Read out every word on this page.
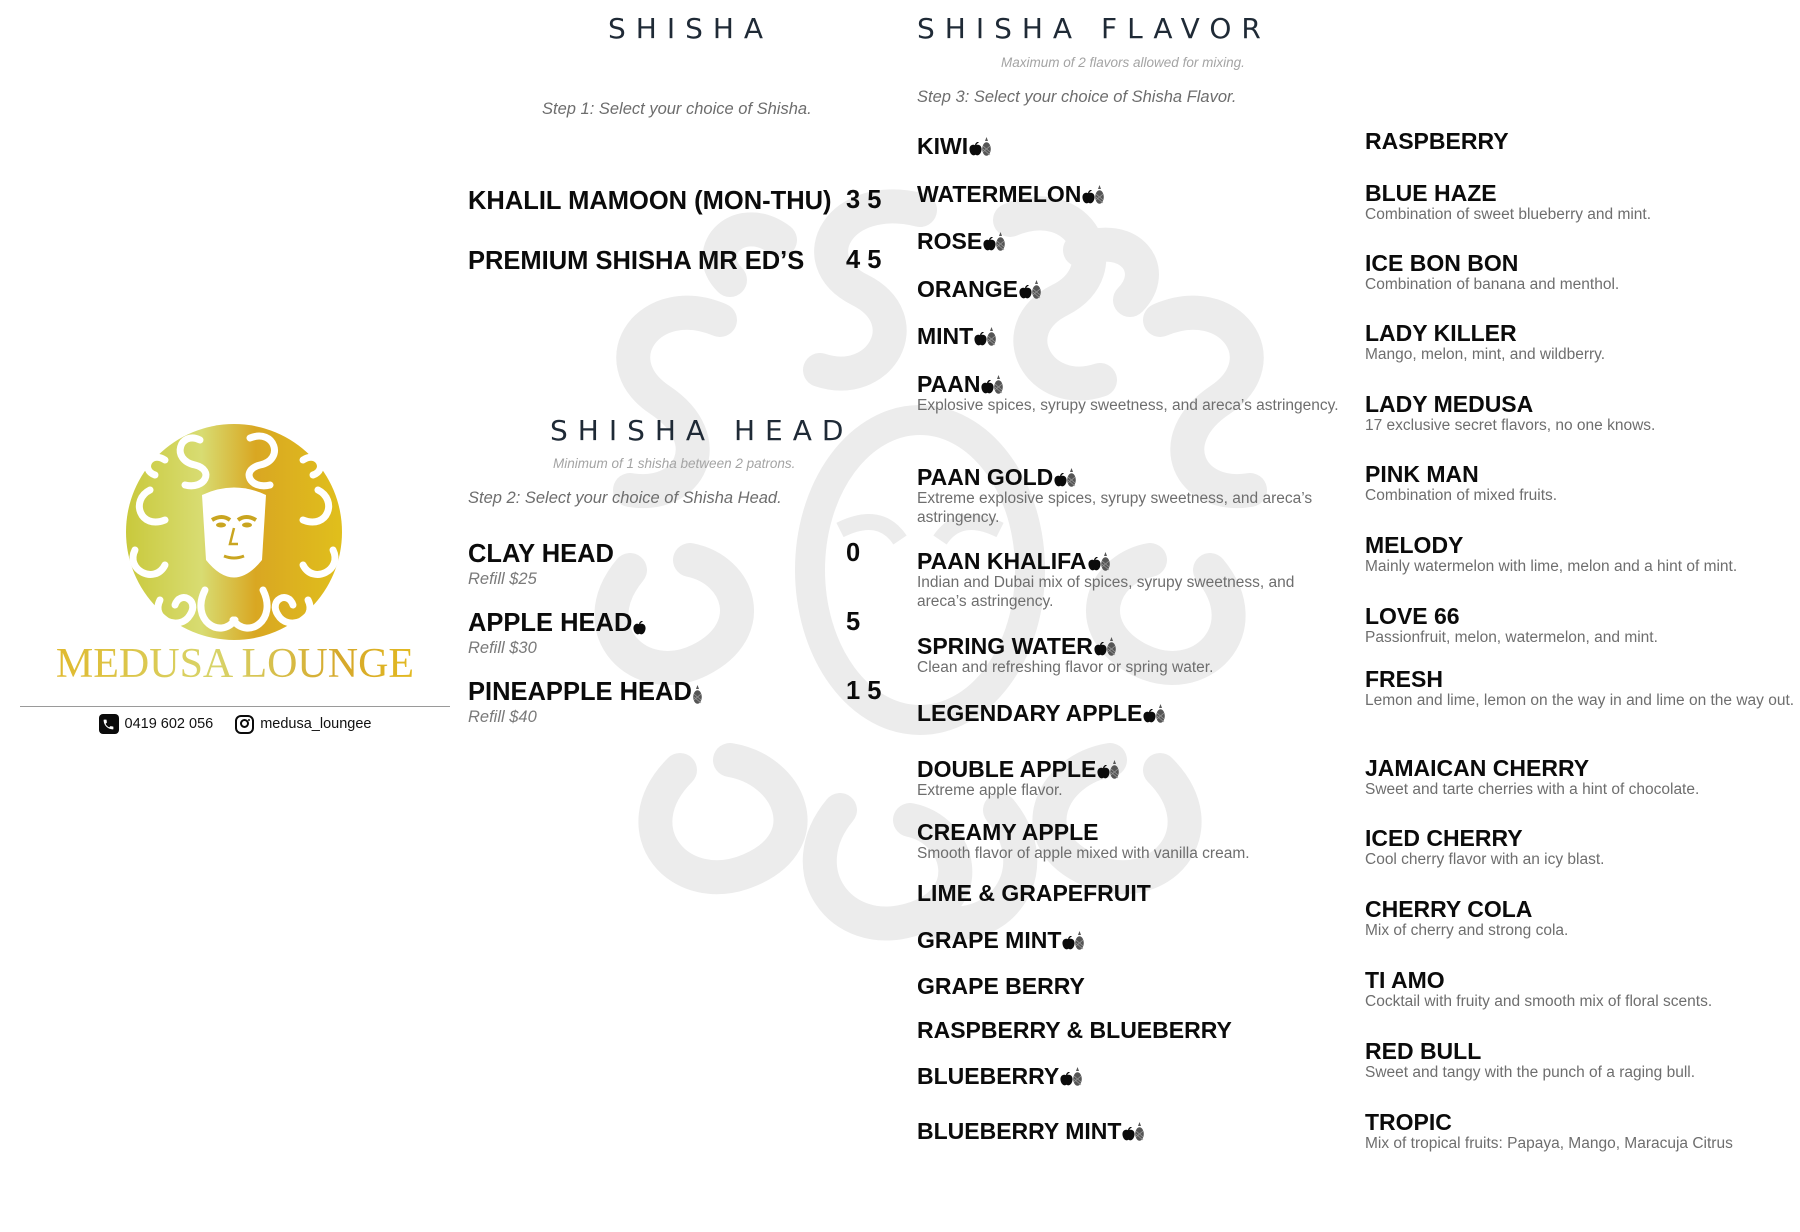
SHISHA
Step 1: Select your choice of Shisha.
KHALIL MAMOON (MON-THU) 3 5
PREMIUM SHISHA MR ED’S 4 5
SHISHA HEAD
Minimum of 1 shisha between 2 patrons.
Step 2: Select your choice of Shisha Head.
CLAY HEAD
Refill $25
0
APPLE HEAD
Refill $30
5
PINEAPPLE HEAD
Refill $40
1 5
SHISHA FLAVOR
Maximum of 2 flavors allowed for mixing.
Step 3: Select your choice of Shisha Flavor.
KIWI
WATERMELON
ROSE
ORANGE
MINT
PAAN
Explosive spices, syrupy sweetness, and areca’s astringency.
PAAN GOLD
Extreme explosive spices, syrupy sweetness, and areca’s astringency.
PAAN KHALIFA
Indian and Dubai mix of spices, syrupy sweetness, and areca’s astringency.
SPRING WATER
Clean and refreshing flavor or spring water.
LEGENDARY APPLE
DOUBLE APPLE
Extreme apple flavor.
CREAMY APPLE
Smooth flavor of apple mixed with vanilla cream.
LIME & GRAPEFRUIT
GRAPE MINT
GRAPE BERRY
RASPBERRY & BLUEBERRY
BLUEBERRY
BLUEBERRY MINT
RASPBERRY
BLUE HAZE
Combination of sweet blueberry and mint.
ICE BON BON
Combination of banana and menthol.
LADY KILLER
Mango, melon, mint, and wildberry.
LADY MEDUSA
17 exclusive secret flavors, no one knows.
PINK MAN
Combination of mixed fruits.
MELODY
Mainly watermelon with lime, melon and a hint of mint.
LOVE 66
Passionfruit, melon, watermelon, and mint.
FRESH
Lemon and lime, lemon on the way in and lime on the way out.
JAMAICAN CHERRY
Sweet and tarte cherries with a hint of chocolate.
ICED CHERRY
Cool cherry flavor with an icy blast.
CHERRY COLA
Mix of cherry and strong cola.
TI AMO
Cocktail with fruity and smooth mix of floral scents.
RED BULL
Sweet and tangy with the punch of a raging bull.
TROPIC
Mix of tropical fruits: Papaya, Mango, Maracuja Citrus
MEDUSA LOUNGE
0419 602 056	medusa_loungee
